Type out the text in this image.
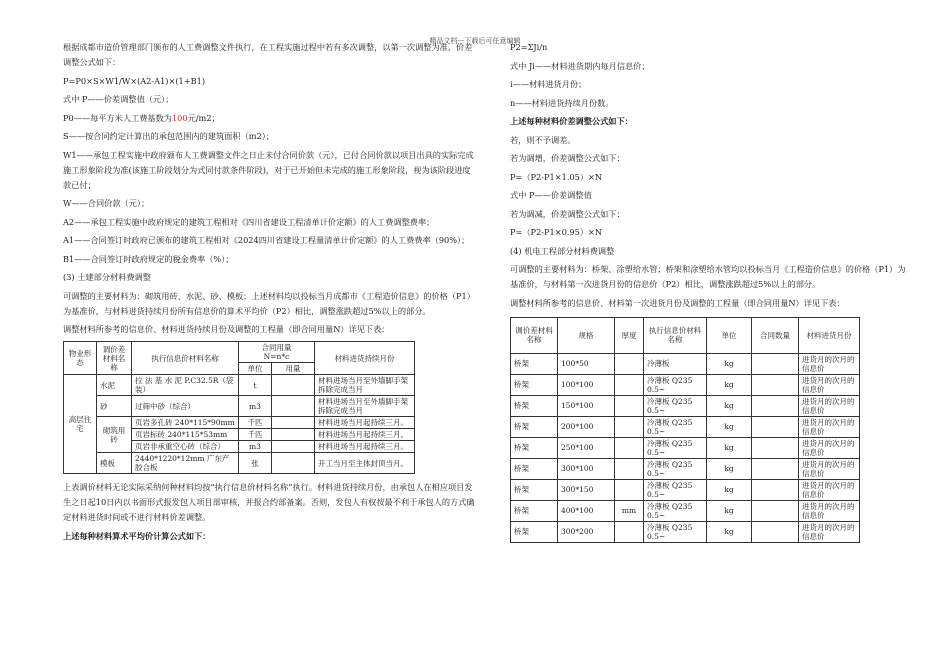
精品文档---下载后可任意编辑
根据成都市造价管理部门颁布的人工费调整文件执行，在工程实施过程中若有多次调整，以第一次调整为准，价差调整公式如下：
P=P0×S×W1/W×(A2-A1)×(1+B1)
式中 P——价差调整值（元）；
P0——每平方米人工费基数为100元/m2；
S——按合同约定计算出的承包范围内的建筑面积（m2）；
W1——承包工程实施中政府颁布人工费调整文件之日止未付合同价款（元），已付合同价款以项目出具的实际完成施工形象阶段为准(该施工阶段划分为式同付款条件阶段)，对于已开始但未完成的施工形象阶段，视为该阶段进度款已付；
W——合同价款（元）；
A2——承包工程实施中政府规定的建筑工程相对《四川省建设工程清单计价定额》的人工费调整费率；
A1——合同签订时政府已颁布的建筑工程相对《2024四川省建设工程量清单计价定额》的人工费费率（90%）；
B1——合同签订时政府规定的税金费率（%）；
(3) 土建部分材料费调整
可调整的主要材料为：砌筑用砖、水泥、砂、模板；上述材料均以投标当月成都市《工程造价信息》的价格（P1）为基准价，与材料进货持续月份所有信息价的算术平均价（P2）相比，调整涨跌超过5%以上的部分。
调整材料所参考的信息价、材料进货持续月份及调整的工程量（即合同用量N）详见下表：
物业形态	调价差材料名称	执行信息价材料名称	合同用量
N=n*c		材料进货持续月份
			单位	用量	
高层住宅	水泥	拉 法 基 水 泥 P.C32.5R（袋装）	t		材料进场当月至外墙脚手架拆除完成当月
	砂	过筛中砂（综合）	m3		材料进场当月至外墙脚手架拆除完成当月
	砌筑用砖	页岩多孔砖 240*115*90mm	千匹		材料进场当月起持续三月。
		页岩标砖 240*115*53mm	千匹		材料进场当月起持续三月。
		页岩非承重空心砖（综合）	m3		材料进场当月起持续三月。
	模板	2440*1220*12mm 广东产胶合板	张		开工当月至主体封顶当月。
上表调价材料无论实际采纳何种材料均按“执行信息价材料名称”执行。材料进货持续月份，由承包人在相应项目发生之日起10日内以书面形式报发包人项目部审核，并报合约部备案。否则，发包人有权按最不利于承包人的方式确定材料进货时间或不进行材料价差调整。
上述每种材料算术平均价计算公式如下：
P2=ΣJi/n
式中 Ji——材料进货期内每月信息价；
i——材料进货月份；
n——材料进货持续月份数。
上述每种材料价差调整公式如下：
若，则不予调差。
若为调增，价差调整公式如下：
P=（P2-P1×1.05）×N
式中 P——价差调整值
若为调减，价差调整公式如下：
P=（P2-P1×0.95）×N
(4) 机电工程部分材料费调整
可调整的主要材料为：桥架、涂塑给水管；桥架和涂塑给水管均以投标当月《工程造价信息》的价格（P1）为基准价，与材料第一次进货月份的信息价（P2）相比，调整涨跌超过5%以上的部分。
调整材料所参考的信息价、材料第一次进货月份及调整的工程量（即合同用量N）详见下表：
调价差材料名称	规格	厚度	执行信息价材料名称	单位	合同数量	材料进货月份
桥架	100*50		冷薄板	kg		进货月的次月的信息价
桥架	100*100		冷薄板 Q235 0.5~	kg		进货月的次月的信息价
桥架	150*100		冷薄板 Q235 0.5~	kg		进货月的次月的信息价
桥架	200*100		冷薄板 Q235 0.5~	kg		进货月的次月的信息价
桥架	250*100		冷薄板 Q235 0.5~	kg		进货月的次月的信息价
桥架	300*100		冷薄板 Q235 0.5~	kg		进货月的次月的信息价
桥架	300*150		冷薄板 Q235 0.5~	kg		进货月的次月的信息价
桥架	400*100	mm	冷薄板 Q235 0.5~	kg		进货月的次月的信息价
桥架	300*200		冷薄板 Q235 0.5~	kg		进货月的次月的信息价
